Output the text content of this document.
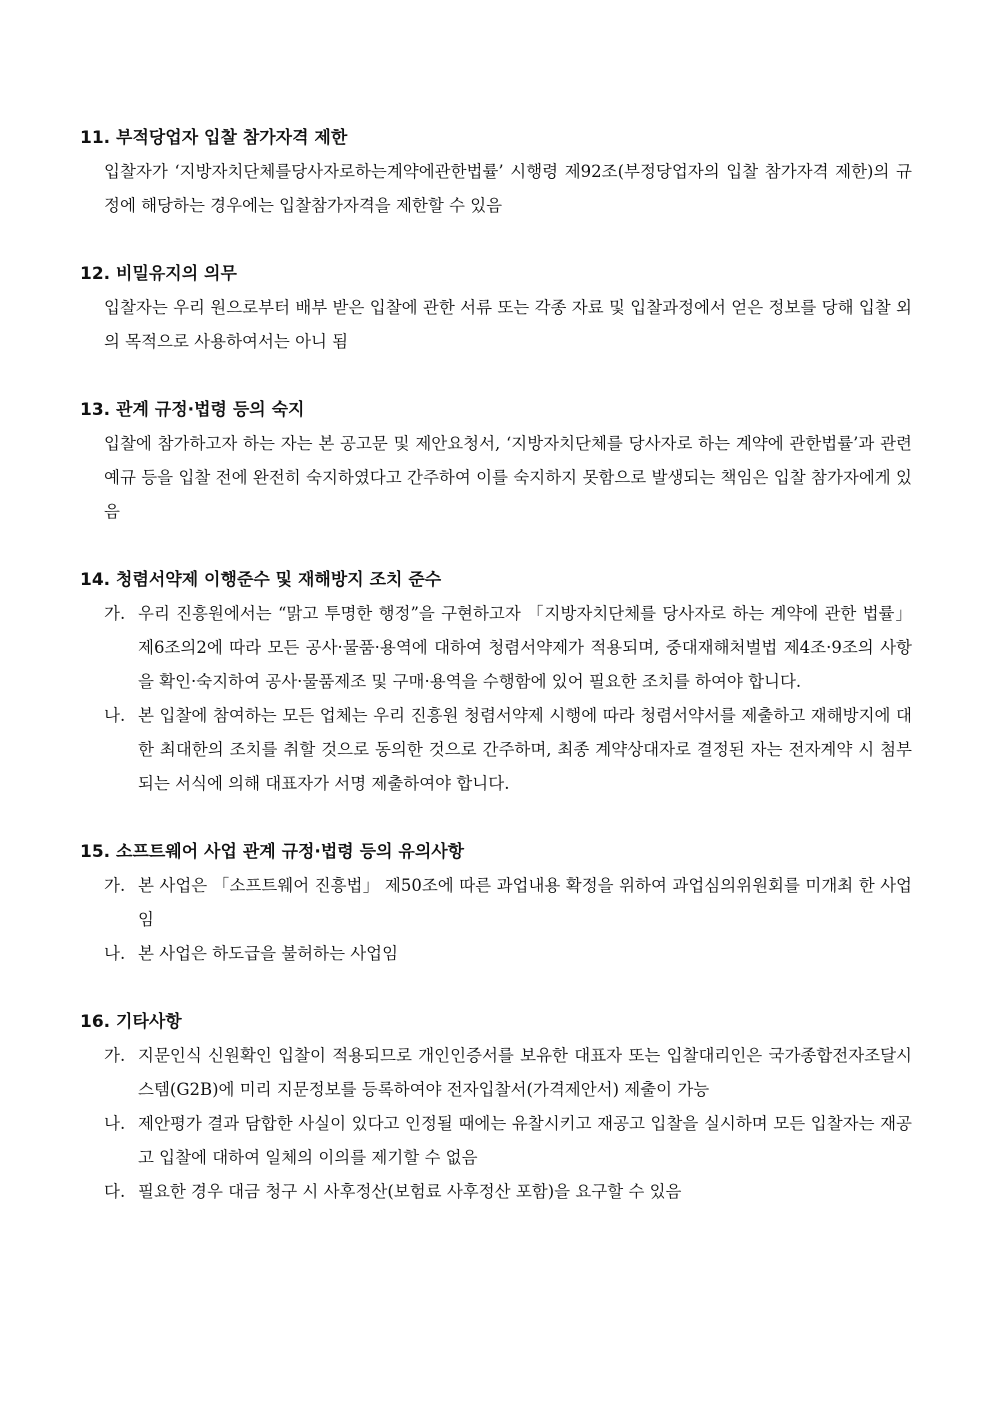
11. 부적당업자 입찰 참가자격 제한

입찰자가 ‘지방자치단체를당사자로하는계약에관한법률’ 시행령 제92조(부정당업자의 입찰 참가자격 제한)의 규정에 해당하는 경우에는 입찰참가자격을 제한할 수 있음

12. 비밀유지의 의무

입찰자는 우리 원으로부터 배부 받은 입찰에 관한 서류 또는 각종 자료 및 입찰과정에서 얻은 정보를 당해 입찰 외의 목적으로 사용하여서는 아니 됨

13. 관계 규정·법령 등의 숙지

입찰에 참가하고자 하는 자는 본 공고문 및 제안요청서, ‘지방자치단체를 당사자로 하는 계약에 관한법률’과 관련 예규 등을 입찰 전에 완전히 숙지하였다고 간주하여 이를 숙지하지 못함으로 발생되는 책임은 입찰 참가자에게 있음

14. 청렴서약제 이행준수 및 재해방지 조치 준수
가. 우리 진흥원에서는 “맑고 투명한 행정”을 구현하고자 「지방자치단체를 당사자로 하는 계약에 관한 법률」 제6조의2에 따라 모든 공사·물품·용역에 대하여 청렴서약제가 적용되며, 중대재해처벌법 제4조·9조의 사항을 확인·숙지하여 공사·물품제조 및 구매·용역을 수행함에 있어 필요한 조치를 하여야 합니다.
나. 본 입찰에 참여하는 모든 업체는 우리 진흥원 청렴서약제 시행에 따라 청렴서약서를 제출하고 재해방지에 대한 최대한의 조치를 취할 것으로 동의한 것으로 간주하며, 최종 계약상대자로 결정된 자는 전자계약 시 첨부되는 서식에 의해 대표자가 서명 제출하여야 합니다.
15. 소프트웨어 사업 관계 규정·법령 등의 유의사항
가. 본 사업은 「소프트웨어 진흥법」 제50조에 따른 과업내용 확정을 위하여 과업심의위원회를 미개최 한 사업임
나. 본 사업은 하도급을 불허하는 사업임
16. 기타사항
가. 지문인식 신원확인 입찰이 적용되므로 개인인증서를 보유한 대표자 또는 입찰대리인은 국가종합전자조달시스템(G2B)에 미리 지문정보를 등록하여야 전자입찰서(가격제안서) 제출이 가능
나. 제안평가 결과 담합한 사실이 있다고 인정될 때에는 유찰시키고 재공고 입찰을 실시하며 모든 입찰자는 재공고 입찰에 대하여 일체의 이의를 제기할 수 없음
다. 필요한 경우 대금 청구 시 사후정산(보험료 사후정산 포함)을 요구할 수 있음
